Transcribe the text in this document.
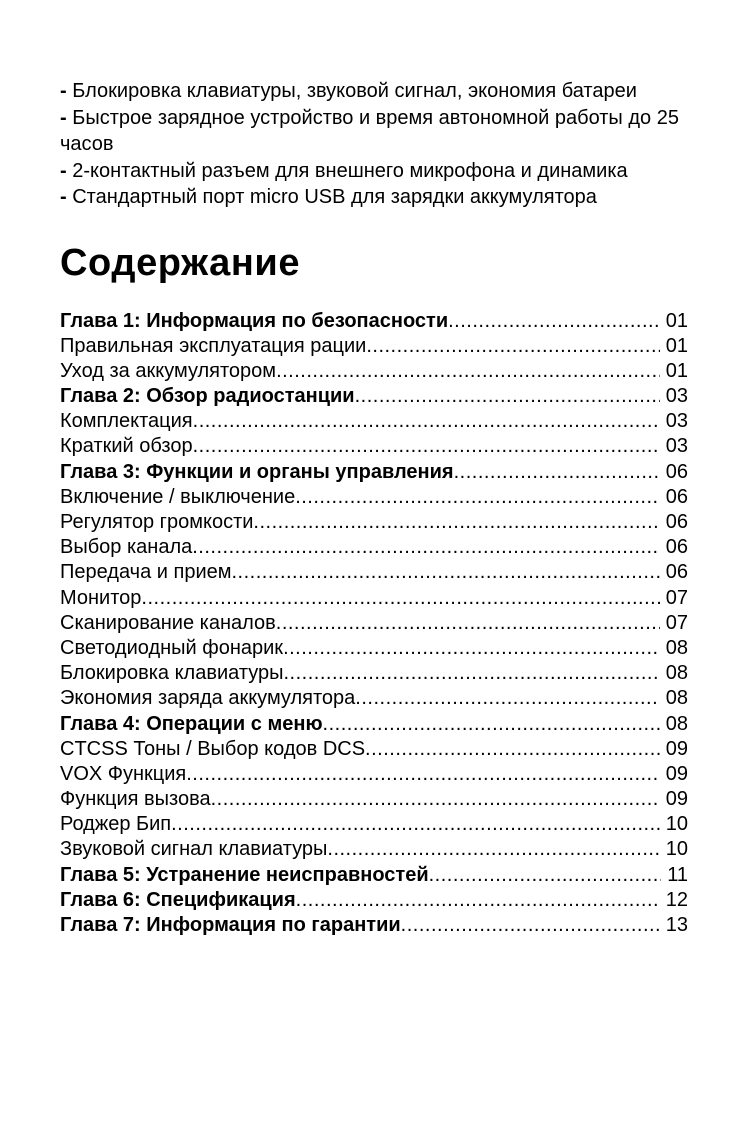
- Блокировка клавиатуры, звуковой сигнал, экономия батареи

- Быстрое зарядное устройство и время автономной работы до 25 часов

- 2-контактный разъем для внешнего микрофона и динамика

- Стандартный порт micro USB для зарядки аккумулятора

Содержание
Глава 1: Информация по безопасности .....	01
Правильная эксплуатация рации .....	01
Уход за аккумулятором .....	01
Глава 2: Обзор радиостанции .....	03
Комплектация .....	03
Краткий обзор .....	03
Глава 3: Функции и органы управления .....	06
Включение / выключение .....	06
Регулятор громкости .....	06
Выбор канала .....	06
Передача и прием .....	06
Монитор .....	07
Сканирование каналов .....	07
Светодиодный фонарик .....	08
Блокировка клавиатуры .....	08
Экономия заряда аккумулятора .....	08
Глава 4: Операции с меню .....	08
CTCSS Тоны / Выбор кодов DCS .....	09
VOX Функция .....	09
Функция вызова .....	09
Роджер Бип .....	10
Звуковой сигнал клавиатуры .....	10
Глава 5: Устранение неисправностей .....	11
Глава 6: Спецификация .....	12
Глава 7: Информация по гарантии .....	13
